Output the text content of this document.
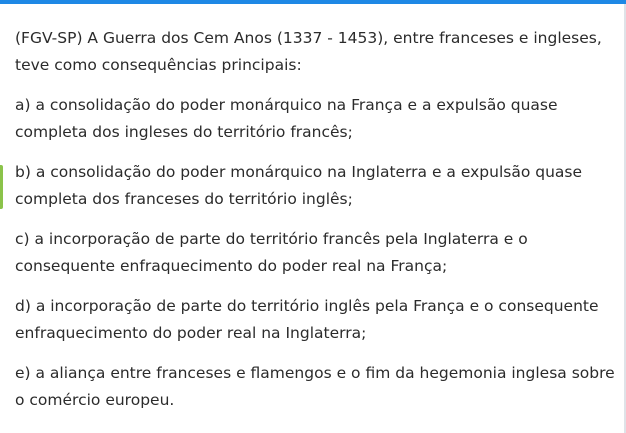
(FGV-SP) A Guerra dos Cem Anos (1337 - 1453), entre franceses e ingleses,
teve como consequências principais:

a) a consolidação do poder monárquico na França e a expulsão quase
completa dos ingleses do território francês;

b) a consolidação do poder monárquico na Inglaterra e a expulsão quase
completa dos franceses do território inglês;

c) a incorporação de parte do território francês pela Inglaterra e o
consequente enfraquecimento do poder real na França;

d) a incorporação de parte do território inglês pela França e o consequente
enfraquecimento do poder real na Inglaterra;

e) a aliança entre franceses e flamengos e o fim da hegemonia inglesa sobre
o comércio europeu.
